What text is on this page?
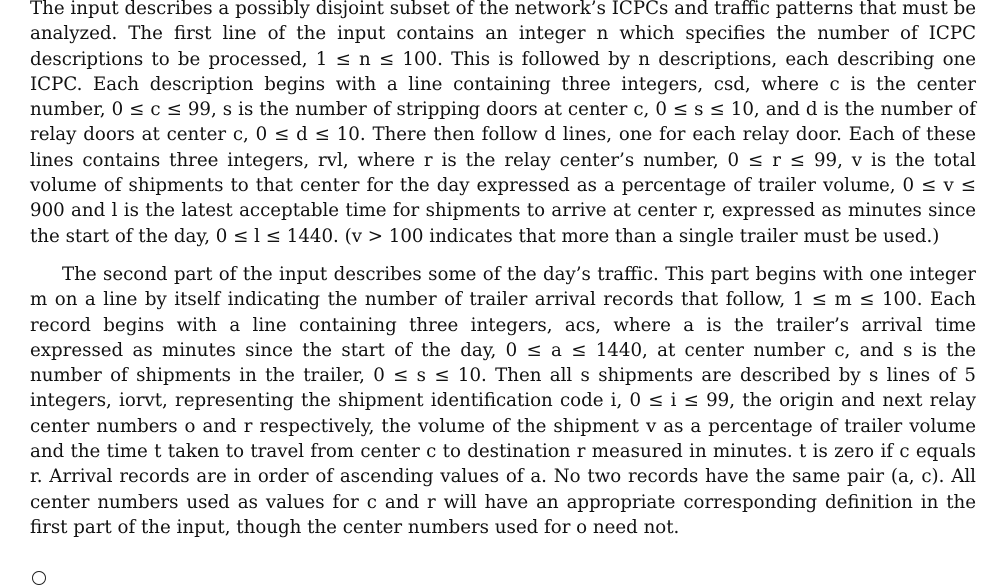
The input describes a possibly disjoint subset of the network’s ICPCs and traffic patterns that must be analyzed. The first line of the input contains an integer n which specifies the number of ICPC descriptions to be processed, 1 ≤ n ≤ 100. This is followed by n descriptions, each describing one ICPC. Each description begins with a line containing three integers, csd, where c is the center number, 0 ≤ c ≤ 99, s is the number of stripping doors at center c, 0 ≤ s ≤ 10, and d is the number of relay doors at center c, 0 ≤ d ≤ 10. There then follow d lines, one for each relay door. Each of these lines contains three integers, rvl, where r is the relay center’s number, 0 ≤ r ≤ 99, v is the total volume of shipments to that center for the day expressed as a percentage of trailer volume, 0 ≤ v ≤ 900 and l is the latest acceptable time for shipments to arrive at center r, expressed as minutes since the start of the day, 0 ≤ l ≤ 1440. (v > 100 indicates that more than a single trailer must be used.)

The second part of the input describes some of the day’s traffic. This part begins with one integer m on a line by itself indicating the number of trailer arrival records that follow, 1 ≤ m ≤ 100. Each record begins with a line containing three integers, acs, where a is the trailer’s arrival time expressed as minutes since the start of the day, 0 ≤ a ≤ 1440, at center number c, and s is the number of shipments in the trailer, 0 ≤ s ≤ 10. Then all s shipments are described by s lines of 5 integers, iorvt, representing the shipment identification code i, 0 ≤ i ≤ 99, the origin and next relay center numbers o and r respectively, the volume of the shipment v as a percentage of trailer volume and the time t taken to travel from center c to destination r measured in minutes. t is zero if c equals r. Arrival records are in order of ascending values of a. No two records have the same pair (a, c). All center numbers used as values for c and r will have an appropriate corresponding definition in the first part of the input, though the center numbers used for o need not.
